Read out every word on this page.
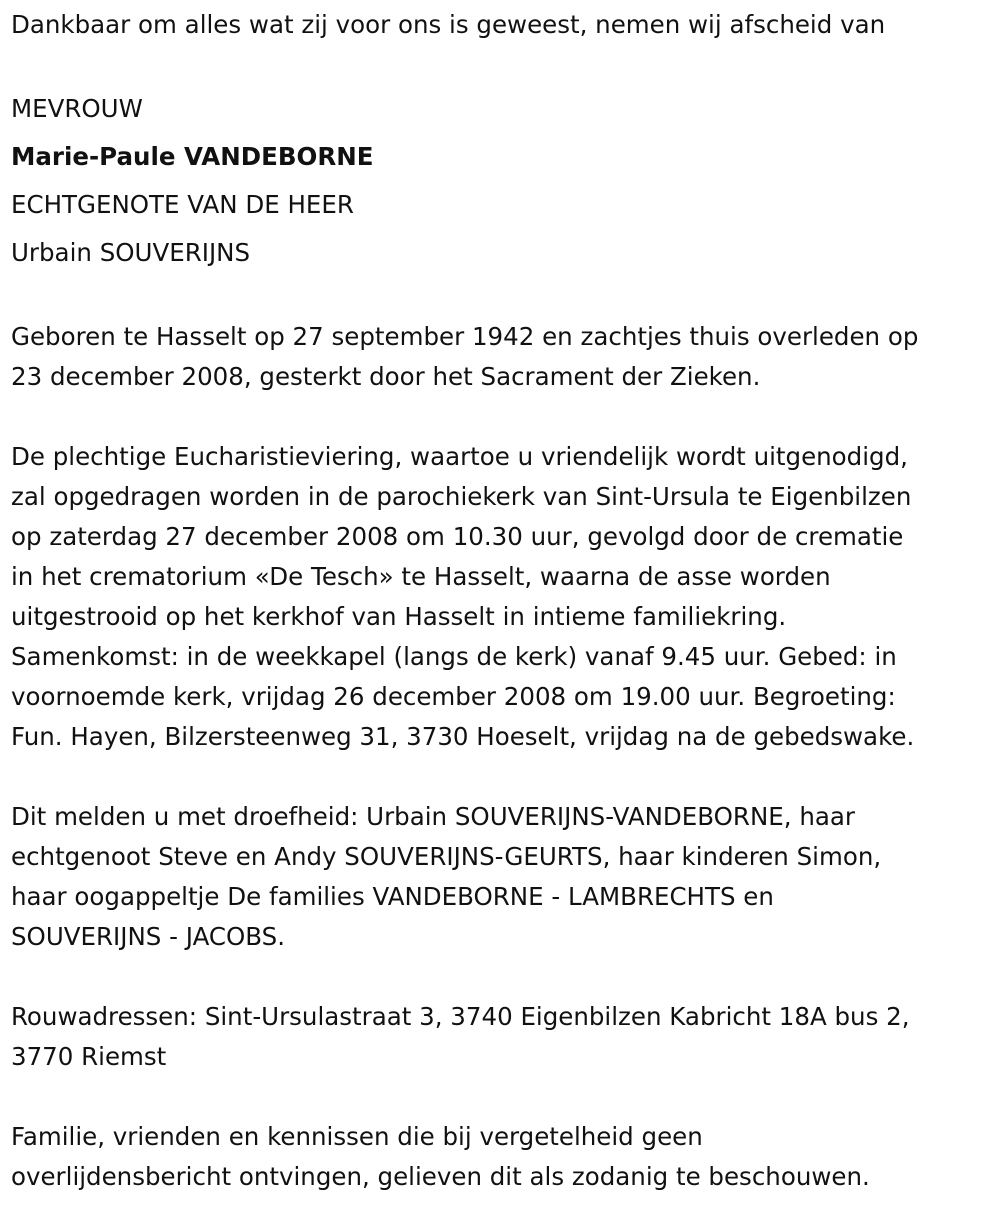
Dankbaar om alles wat zij voor ons is geweest, nemen wij afscheid van
MEVROUW
Marie-Paule VANDEBORNE
ECHTGENOTE VAN DE HEER
Urbain SOUVERIJNS
Geboren te Hasselt op 27 september 1942 en zachtjes thuis overleden op
23 december 2008, gesterkt door het Sacrament der Zieken.
De plechtige Eucharistieviering, waartoe u vriendelijk wordt uitgenodigd,
zal opgedragen worden in de parochiekerk van Sint-Ursula te Eigenbilzen
op zaterdag 27 december 2008 om 10.30 uur, gevolgd door de crematie
in het crematorium «De Tesch» te Hasselt, waarna de asse worden
uitgestrooid op het kerkhof van Hasselt in intieme familiekring.
Samenkomst: in de weekkapel (langs de kerk) vanaf 9.45 uur. Gebed: in
voornoemde kerk, vrijdag 26 december 2008 om 19.00 uur. Begroeting:
Fun. Hayen, Bilzersteenweg 31, 3730 Hoeselt, vrijdag na de gebedswake.
Dit melden u met droefheid: Urbain SOUVERIJNS-VANDEBORNE, haar
echtgenoot Steve en Andy SOUVERIJNS-GEURTS, haar kinderen Simon,
haar oogappeltje De families VANDEBORNE - LAMBRECHTS en
SOUVERIJNS - JACOBS.
Rouwadressen: Sint-Ursulastraat 3, 3740 Eigenbilzen Kabricht 18A bus 2,
3770 Riemst
Familie, vrienden en kennissen die bij vergetelheid geen
overlijdensbericht ontvingen, gelieven dit als zodanig te beschouwen.
